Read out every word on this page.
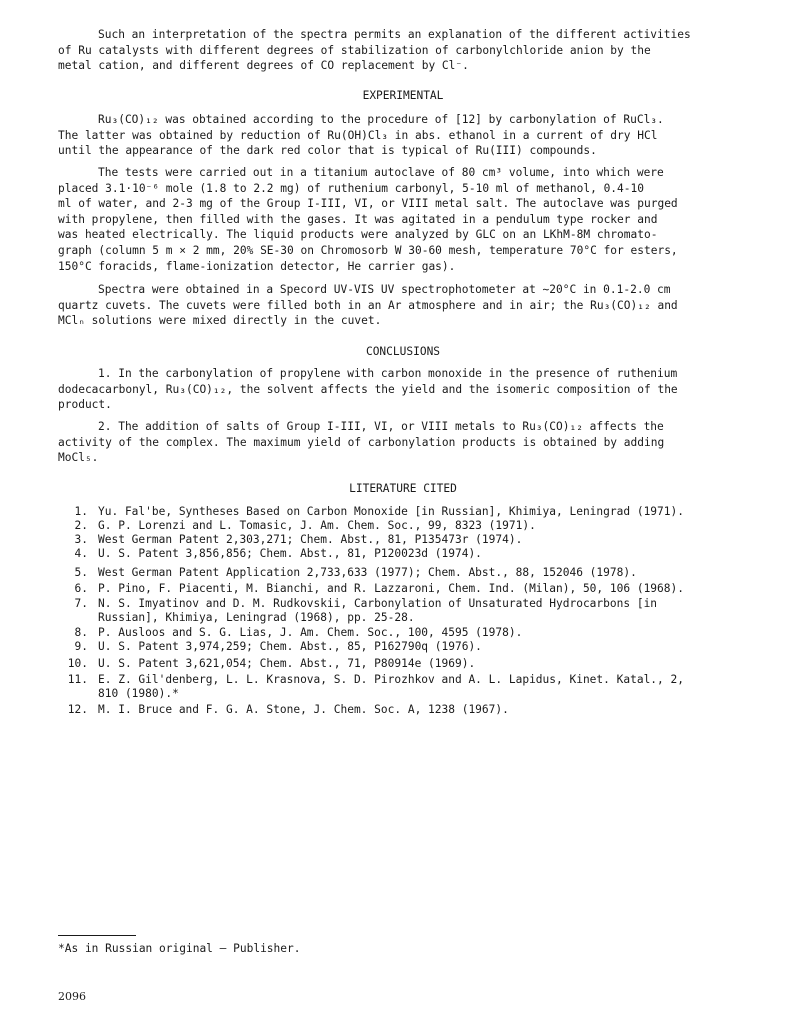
Such an interpretation of the spectra permits an explanation of the different activities
of Ru catalysts with different degrees of stabilization of carbonylchloride anion by the
metal cation, and different degrees of CO replacement by Cl⁻.

EXPERIMENTAL

Ru₃(CO)₁₂ was obtained according to the procedure of [12] by carbonylation of RuCl₃.
The latter was obtained by reduction of Ru(OH)Cl₃ in abs. ethanol in a current of dry HCl
until the appearance of the dark red color that is typical of Ru(III) compounds.

The tests were carried out in a titanium autoclave of 80 cm³ volume, into which were
placed 3.1·10⁻⁶ mole (1.8 to 2.2 mg) of ruthenium carbonyl, 5-10 ml of methanol, 0.4-10
ml of water, and 2-3 mg of the Group I-III, VI, or VIII metal salt. The autoclave was purged
with propylene, then filled with the gases. It was agitated in a pendulum type rocker and
was heated electrically. The liquid products were analyzed by GLC on an LKhM-8M chromato-
graph (column 5 m × 2 mm, 20% SE-30 on Chromosorb W 30-60 mesh, temperature 70°C for esters,
150°C foracids, flame-ionization detector, He carrier gas).

Spectra were obtained in a Specord UV-VIS UV spectrophotometer at ∼20°C in 0.1-2.0 cm
quartz cuvets. The cuvets were filled both in an Ar atmosphere and in air; the Ru₃(CO)₁₂ and
MClₙ solutions were mixed directly in the cuvet.

CONCLUSIONS

1. In the carbonylation of propylene with carbon monoxide in the presence of ruthenium
dodecacarbonyl, Ru₃(CO)₁₂, the solvent affects the yield and the isomeric composition of the
product.

2. The addition of salts of Group I-III, VI, or VIII metals to Ru₃(CO)₁₂ affects the
activity of the complex. The maximum yield of carbonylation products is obtained by adding
MoCl₅.

LITERATURE CITED

1. Yu. Fal'be, Syntheses Based on Carbon Monoxide [in Russian], Khimiya, Leningrad (1971).
2. G. P. Lorenzi and L. Tomasic, J. Am. Chem. Soc., 99, 8323 (1971).
3. West German Patent 2,303,271; Chem. Abst., 81, P135473r (1974).
4. U. S. Patent 3,856,856; Chem. Abst., 81, P120023d (1974).
5. West German Patent Application 2,733,633 (1977); Chem. Abst., 88, 152046 (1978).
6. P. Pino, F. Piacenti, M. Bianchi, and R. Lazzaroni, Chem. Ind. (Milan), 50, 106 (1968).
7. N. S. Imyatinov and D. M. Rudkovskii, Carbonylation of Unsaturated Hydrocarbons [in
Russian], Khimiya, Leningrad (1968), pp. 25-28.
8. P. Ausloos and S. G. Lias, J. Am. Chem. Soc., 100, 4595 (1978).
9. U. S. Patent 3,974,259; Chem. Abst., 85, P162790q (1976).
10. U. S. Patent 3,621,054; Chem. Abst., 71, P80914e (1969).
11. E. Z. Gil'denberg, L. L. Krasnova, S. D. Pirozhkov and A. L. Lapidus, Kinet. Katal., 2,
810 (1980).*
12. M. I. Bruce and F. G. A. Stone, J. Chem. Soc. A, 1238 (1967).
*As in Russian original — Publisher.
2096
